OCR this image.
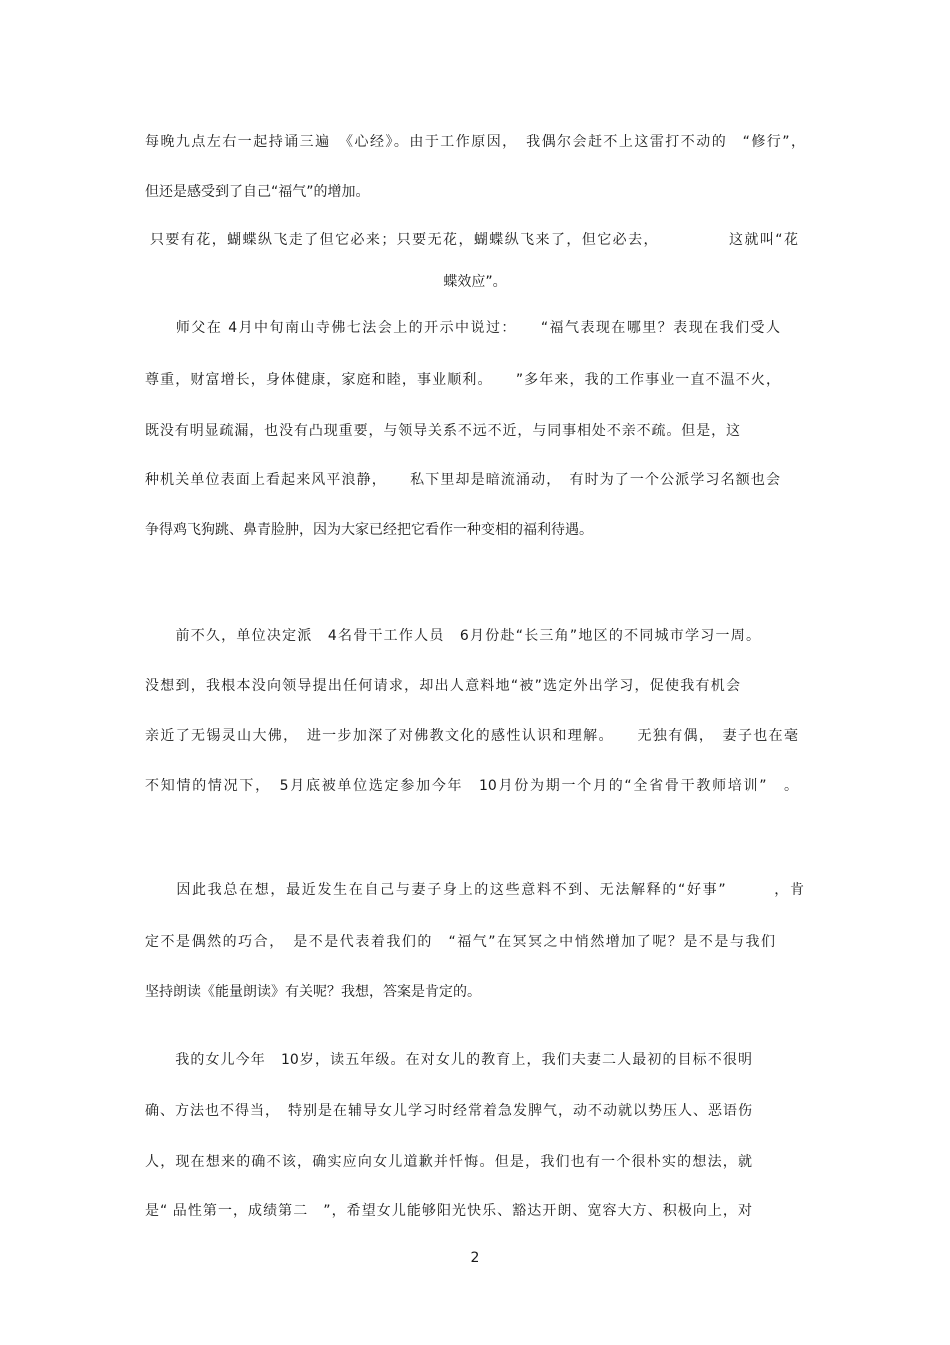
每晚九点左右一起持诵三遍　《心经》。由于工作原因，　我偶尔会赶不上这雷打不动的　“修行”，
但还是感受到了自己“福气”的增加。
只要有花，蝴蝶纵飞走了但它必来；只要无花，蝴蝶纵飞来了，但它必去，　　　　　这就叫“花
蝶效应”。
　　师父在 4月中旬南山寺佛七法会上的开示中说过：　　“福气表现在哪里？表现在我们受人
尊重，财富增长，身体健康，家庭和睦，事业顺利。　　”多年来，我的工作事业一直不温不火，
既没有明显疏漏，也没有凸现重要，与领导关系不远不近，与同事相处不亲不疏。但是，这
种机关单位表面上看起来风平浪静，　　私下里却是暗流涌动，　有时为了一个公派学习名额也会
争得鸡飞狗跳、鼻青脸肿，因为大家已经把它看作一种变相的福利待遇。
　　前不久，单位决定派　4名骨干工作人员　6月份赴“长三角”地区的不同城市学习一周。
没想到，我根本没向领导提出任何请求，却出人意料地“被”选定外出学习，促使我有机会
亲近了无锡灵山大佛，　进一步加深了对佛教文化的感性认识和理解。　　无独有偶，　妻子也在毫
不知情的情况下，　5月底被单位选定参加今年　10月份为期一个月的“全省骨干教师培训”　。
　　因此我总在想，最近发生在自己与妻子身上的这些意料不到、无法解释的“好事”　　　，肯
定不是偶然的巧合，　是不是代表着我们的　“福气”在冥冥之中悄然增加了呢？是不是与我们
坚持朗读《能量朗读》有关呢？我想，答案是肯定的。
　　我的女儿今年　10岁，读五年级。在对女儿的教育上，我们夫妻二人最初的目标不很明
确、方法也不得当，　特别是在辅导女儿学习时经常着急发脾气，动不动就以势压人、恶语伤
人，现在想来的确不该，确实应向女儿道歉并忏悔。但是，我们也有一个很朴实的想法，就
是“ 品性第一，成绩第二　”，希望女儿能够阳光快乐、豁达开朗、宽容大方、积极向上，对
2
